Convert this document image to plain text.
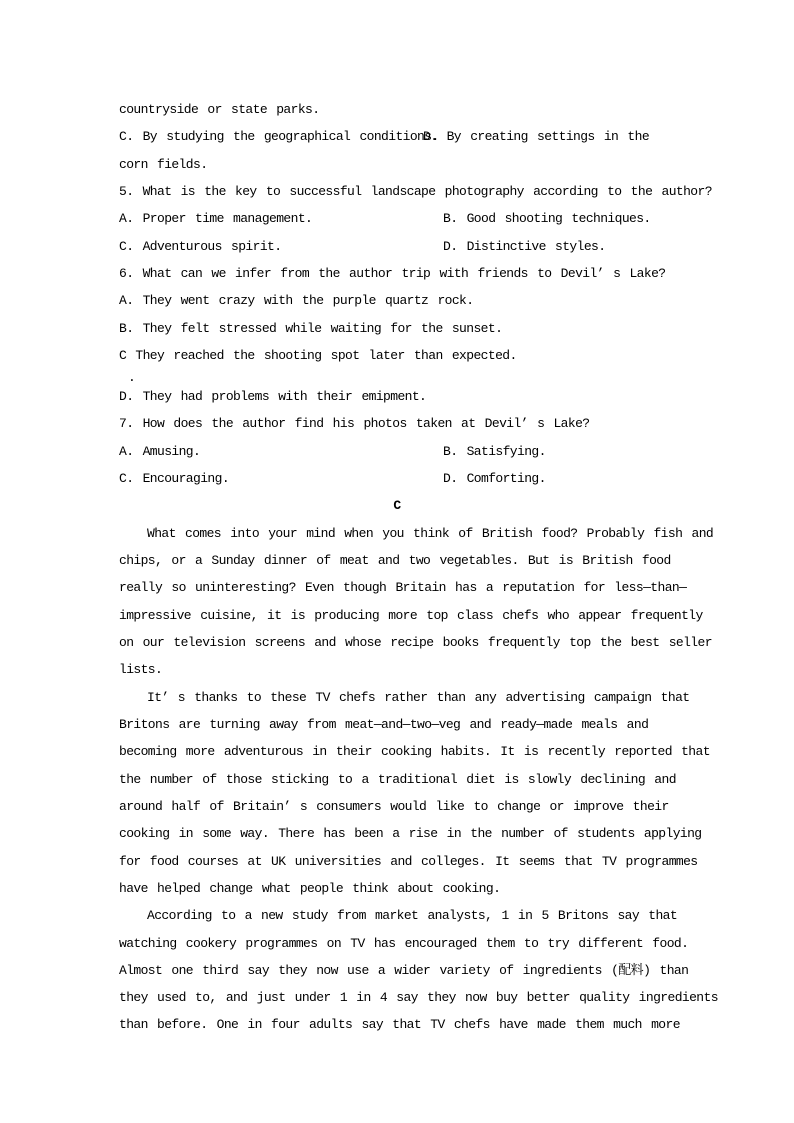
countryside or state parks.
C. By studying the geographical conditions.
D. By creating settings in the
corn fields.
5. What is the key to successful landscape photography according to the author?
A. Proper time management.	B. Good shooting techniques.
C. Adventurous spirit.	D. Distinctive styles.
6. What can we infer from the author trip with friends to Devil’ s Lake?
A. They went crazy with the purple quartz rock.
B. They felt stressed while waiting for the sunset.
C They reached the shooting spot later than expected.
.
D. They had problems with their emipment.
7. How does the author find his photos taken at Devil’ s Lake?
A. Amusing.	B. Satisfying.
C. Encouraging.	D. Comforting.
C
What comes into your mind when you think of British food? Probably fish and
chips, or a Sunday dinner of meat and two vegetables. But is British food
really so uninteresting? Even though Britain has a reputation for less—than—
impressive cuisine, it is producing more top class chefs who appear frequently
on our television screens and whose recipe books frequently top the best seller
lists.
It’ s thanks to these TV chefs rather than any advertising campaign that
Britons are turning away from meat—and—two—veg and ready—made meals and
becoming more adventurous in their cooking habits. It is recently reported that
the number of those sticking to a traditional diet is slowly declining and
around half of Britain’ s consumers would like to change or improve their
cooking in some way. There has been a rise in the number of students applying
for food courses at UK universities and colleges. It seems that TV programmes
have helped change what people think about cooking.
According to a new study from market analysts, 1 in 5 Britons say that
watching cookery programmes on TV has encouraged them to try different food.
Almost one third say they now use a wider variety of ingredients (配料) than
they used to, and just under 1 in 4 say they now buy better quality ingredients
than before. One in four adults say that TV chefs have made them much more
